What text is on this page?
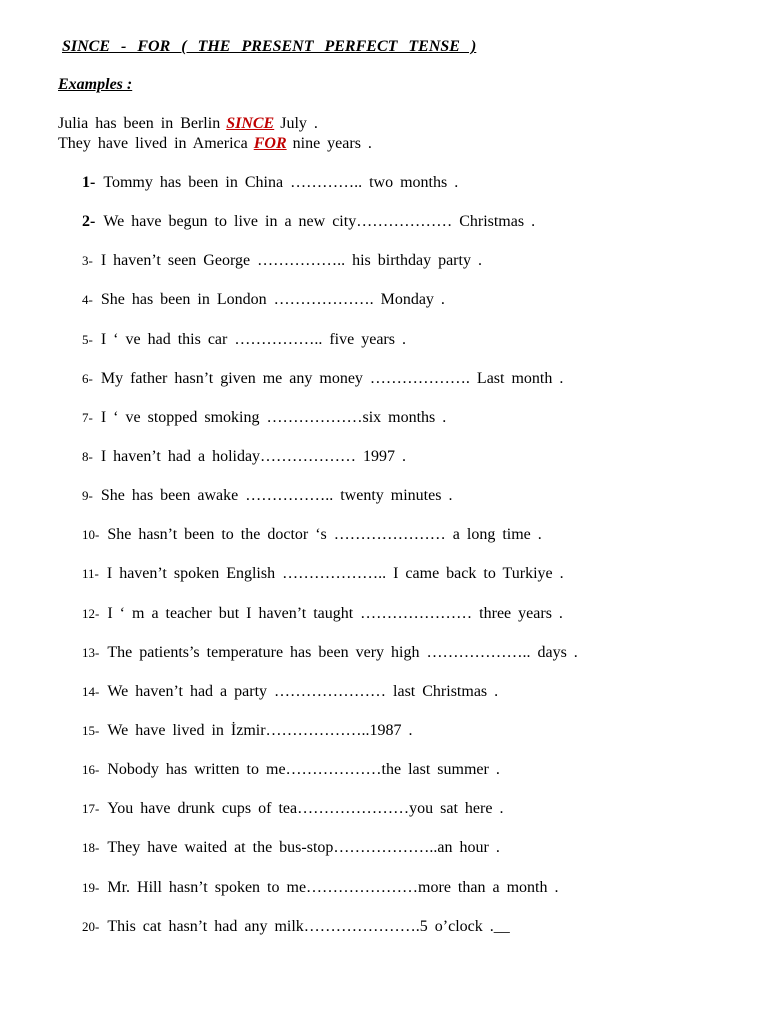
SINCE - FOR ( THE PRESENT PERFECT TENSE )
Examples :
Julia has been in Berlin SINCE July .
They have lived in America FOR nine years .
1- Tommy has been in China ………….. two months .
2- We have begun to live in a new city……………… Christmas .
3- I haven’t seen George …………….. his birthday party .
4- She has been in London ………………. Monday .
5- I ‘ ve had this car …………….. five years .
6- My father hasn’t given me any money ………………. Last month .
7- I ‘ ve stopped smoking ………………six months .
8- I haven’t had a holiday……………… 1997 .
9- She has been awake …………….. twenty minutes .
10- She hasn’t been to the doctor ‘s ………………… a long time .
11- I haven’t spoken English ……………….. I came back to Turkiye .
12- I ‘ m a teacher but I haven’t taught ………………… three years .
13- The patients’s temperature has been very high ……………….. days .
14- We haven’t had a party ………………… last Christmas .
15- We have lived in İzmir………………..1987 .
16- Nobody has written to me………………the last summer .
17- You have drunk cups of tea…………………you sat here .
18- They have waited at the bus-stop………………..an hour .
19- Mr. Hill hasn’t spoken to me…………………more than a month .
20- This cat hasn’t had any milk………………….5 o’clock .__
